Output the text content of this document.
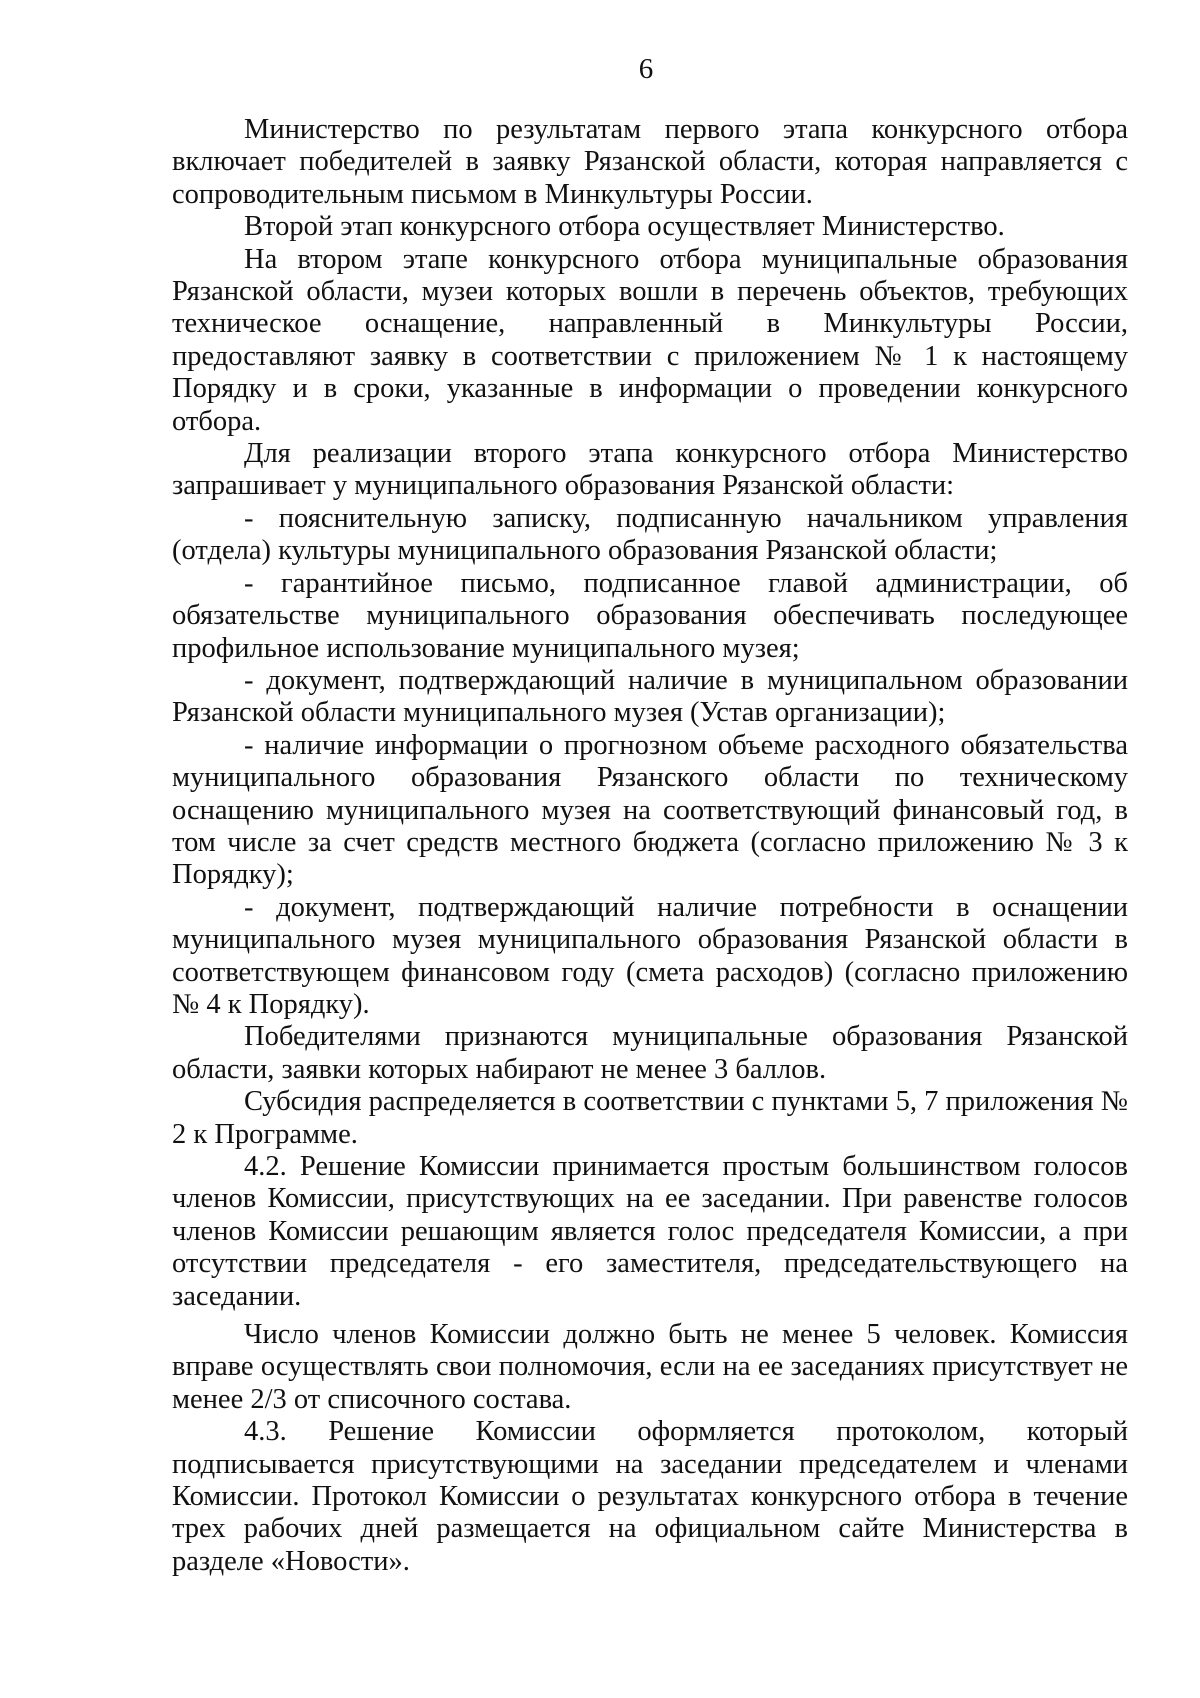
6

Министерство по результатам первого этапа конкурсного отбора включает победителей в заявку Рязанской области, которая направляется с сопроводительным письмом в Минкультуры России.

Второй этап конкурсного отбора осуществляет Министерство.

На втором этапе конкурсного отбора муниципальные образования Рязанской области, музеи которых вошли в перечень объектов, требующих техническое оснащение, направленный в Минкультуры России, предоставляют заявку в соответствии с приложением № 1 к настоящему Порядку и в сроки, указанные в информации о проведении конкурсного отбора.

Для реализации второго этапа конкурсного отбора Министерство запрашивает у муниципального образования Рязанской области:

- пояснительную записку, подписанную начальником управления (отдела) культуры муниципального образования Рязанской области;

- гарантийное письмо, подписанное главой администрации, об обязательстве муниципального образования обеспечивать последующее профильное использование муниципального музея;

- документ, подтверждающий наличие в муниципальном образовании Рязанской области муниципального музея (Устав организации);

- наличие информации о прогнозном объеме расходного обязательства муниципального образования Рязанского области по техническому оснащению муниципального музея на соответствующий финансовый год, в том числе за счет средств местного бюджета (согласно приложению № 3 к Порядку);

- документ, подтверждающий наличие потребности в оснащении муниципального музея муниципального образования Рязанской области в соответствующем финансовом году (смета расходов) (согласно приложению № 4 к Порядку).

Победителями признаются муниципальные образования Рязанской области, заявки которых набирают не менее 3 баллов.

Субсидия распределяется в соответствии с пунктами 5, 7 приложения № 2 к Программе.

4.2. Решение Комиссии принимается простым большинством голосов членов Комиссии, присутствующих на ее заседании. При равенстве голосов членов Комиссии решающим является голос председателя Комиссии, а при отсутствии председателя - его заместителя, председательствующего на заседании.

Число членов Комиссии должно быть не менее 5 человек. Комиссия вправе осуществлять свои полномочия, если на ее заседаниях присутствует не менее 2/3 от списочного состава.

4.3. Решение Комиссии оформляется протоколом, который подписывается присутствующими на заседании председателем и членами Комиссии. Протокол Комиссии о результатах конкурсного отбора в течение трех рабочих дней размещается на официальном сайте Министерства в разделе «Новости».
